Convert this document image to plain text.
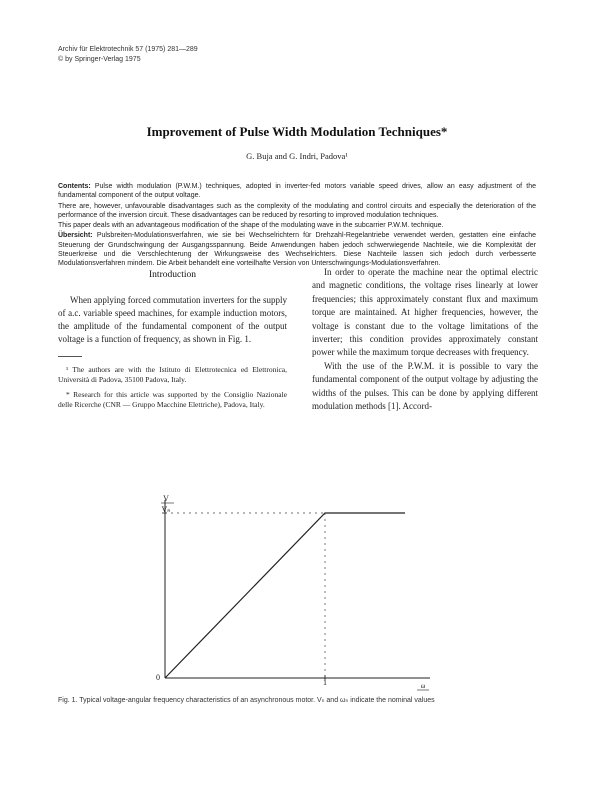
Archiv für Elektrotechnik 57 (1975) 281—289
© by Springer-Verlag 1975
Improvement of Pulse Width Modulation Techniques*
G. Buja and G. Indri, Padova¹

Contents: Pulse width modulation (P.W.M.) techniques, adopted in inverter-fed motors variable speed drives, allow an easy adjustment of the fundamental component of the output voltage.

There are, however, unfavourable disadvantages such as the complexity of the modulating and control circuits and especially the deterioration of the performance of the inversion circuit. These disadvantages can be reduced by resorting to improved modulation techniques.

This paper deals with an advantageous modification of the shape of the modulating wave in the subcarrier P.W.M. technique.

Übersicht: Pulsbreiten-Modulationsverfahren, wie sie bei Wechselrichtern für Drehzahl-Regelantriebe verwendet werden, gestatten eine einfache Steuerung der Grundschwingung der Ausgangsspannung. Beide Anwendungen haben jedoch schwerwiegende Nachteile, wie die Komplexität der Steuerkreise und die Verschlechterung der Wirkungsweise des Wechselrichters. Diese Nachteile lassen sich jedoch durch verbesserte Modulationsverfahren mindern. Die Arbeit behandelt eine vorteilhafte Version von Unterschwingungs-Modulationsverfahren.

Introduction

When applying forced commutation inverters for the supply of a.c. variable speed machines, for example induction motors, the amplitude of the fundamental component of the output voltage is a function of frequency, as shown in Fig. 1.

¹ The authors are with the Istituto di Elettrotecnica ed Elettronica, Università di Padova, 35100 Padova, Italy.

* Research for this article was supported by the Consiglio Nazionale delle Ricerche (CNR — Gruppo Macchine Elettriche), Padova, Italy.

In order to operate the machine near the optimal electric and magnetic conditions, the voltage rises linearly at lower frequencies; this approximately constant flux and maximum torque are maintained. At higher frequencies, however, the voltage is constant due to the voltage limitations of the inverter; this condition provides approximately constant power while the maximum torque decreases with frequency.

With the use of the P.W.M. it is possible to vary the fundamental component of the output voltage by adjusting the widths of the pulses. This can be done by applying different modulation methods [1]. Accord-

V
Vₙ
0
1	ω
Fig. 1. Typical voltage-angular frequency characteristics of an asynchronous motor. Vₙ and ωₙ indicate the nominal values
